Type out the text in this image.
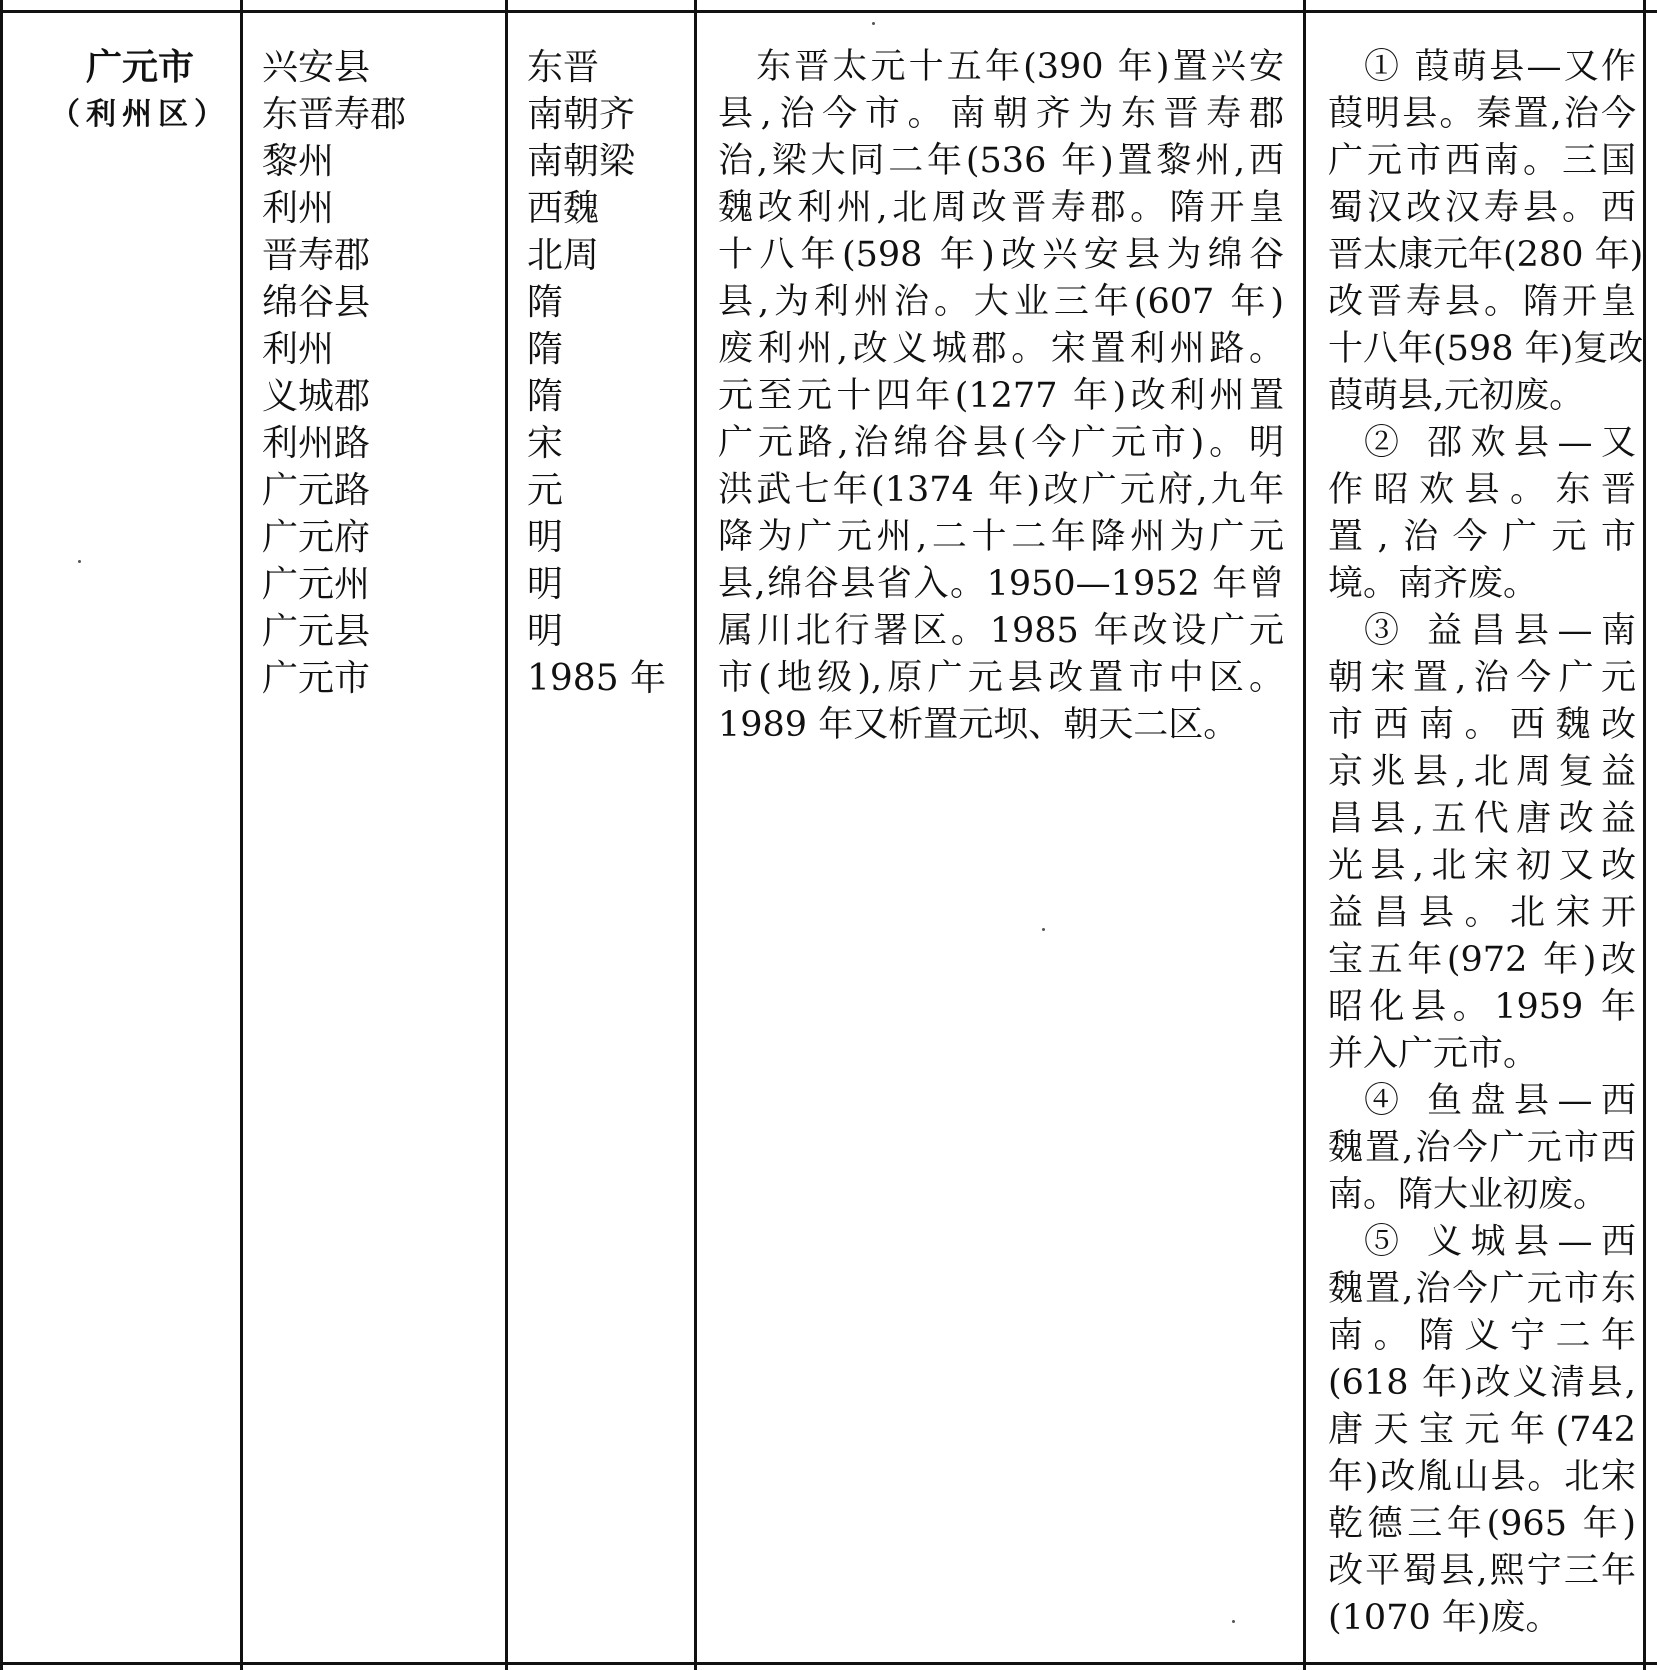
广元市
（利州区）
兴安县
东晋寿郡
黎州
利州
晋寿郡
绵谷县
利州
义城郡
利州路
广元路
广元府
广元州
广元县
广元市
东晋
南朝齐
南朝梁
西魏
北周
隋
隋
隋
宋
元
明
明
明
1985 年
　东晋太元十五年(390 年)置兴安
县,治今市。南朝齐为东晋寿郡
治,梁大同二年(536 年)置黎州,西
魏改利州,北周改晋寿郡。隋开皇
十八年(598 年)改兴安县为绵谷
县,为利州治。大业三年(607 年)
废利州,改义城郡。宋置利州路。
元至元十四年(1277 年)改利州置
广元路,治绵谷县(今广元市)。明
洪武七年(1374 年)改广元府,九年
降为广元州,二十二年降州为广元
县,绵谷县省入。1950—1952 年曾
属川北行署区。1985 年改设广元
市(地级),原广元县改置市中区。
1989 年又析置元坝、朝天二区。
① 葭萌县—又作
葭明县。秦置,治今
广元市西南。三国
蜀汉改汉寿县。西
晋太康元年(280 年)
改晋寿县。隋开皇
十八年(598 年)复改
葭萌县,元初废。
② 邵欢县—又
作昭欢县。东晋
置,治今广元市
境。南齐废。
③ 益昌县—南
朝宋置,治今广元
市西南。西魏改
京兆县,北周复益
昌县,五代唐改益
光县,北宋初又改
益昌县。北宋开
宝五年(972 年)改
昭化县。1959 年
并入广元市。
④ 鱼盘县—西
魏置,治今广元市西
南。隋大业初废。
⑤ 义城县—西
魏置,治今广元市东
南。隋义宁二年
(618 年)改义清县,
唐天宝元年(742
年)改胤山县。北宋
乾德三年(965 年)
改平蜀县,熙宁三年
(1070 年)废。
